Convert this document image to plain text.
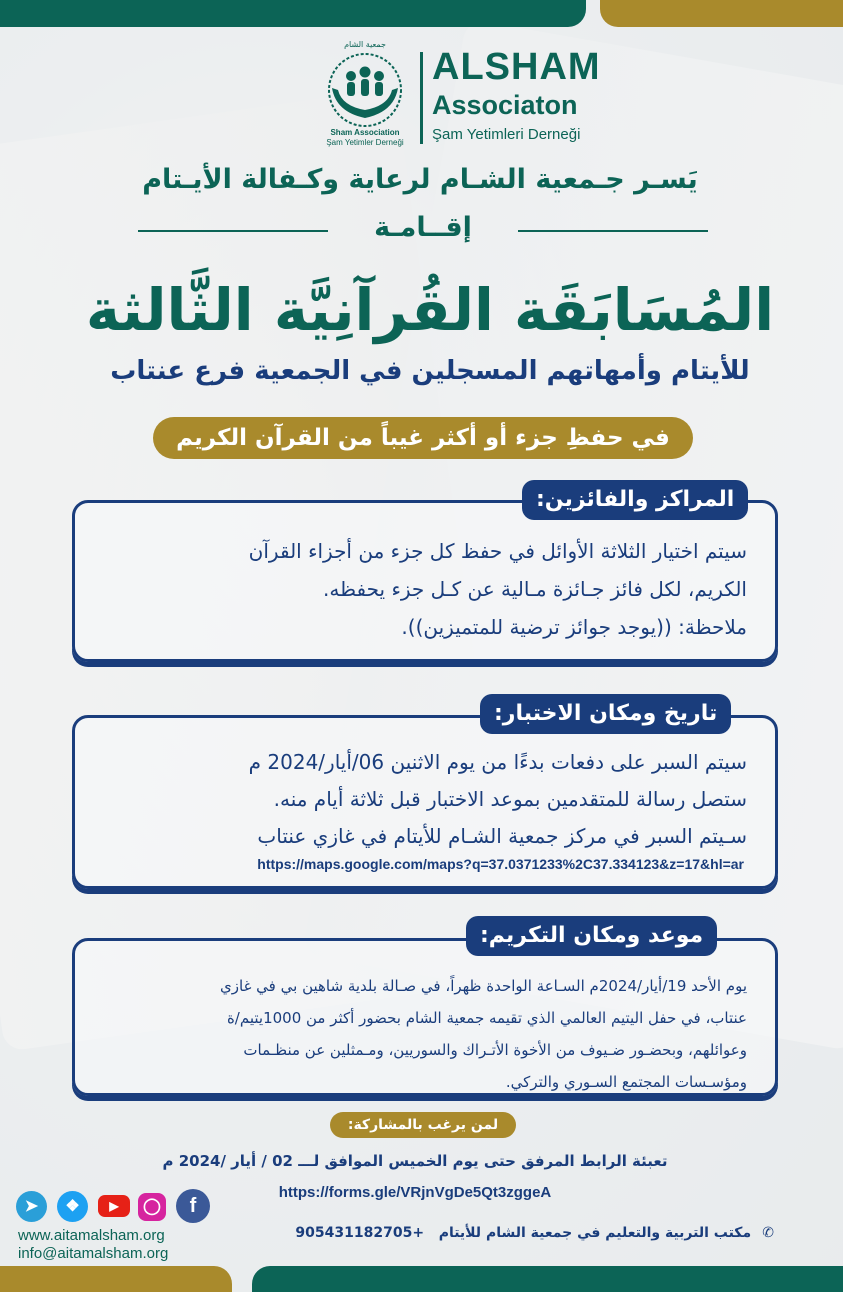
جمعية الشام
Sham Association
Şam Yetimler Derneği
ALSHAM
Associaton
Şam Yetimleri Derneği
يَسـر جـمعية الشـام لرعاية وكـفالة الأيـتام
إقــامـة
المُسَابَقَة القُرآنِيَّة الثَّالثة
للأيتام وأمهاتهم المسجلين في الجمعية فرع عنتاب
في حفظِ جزء أو أكثر غيباً من القرآن الكريم
المراكز والفائزين:
سيتم اختيار الثلاثة الأوائل في حفظ كل جزء من أجزاء القرآن
الكريم، لكل فائز جـائزة مـالية عن كـل جزء يحفظه.
ملاحظة: ((يوجد جوائز ترضية للمتميزين)).
تاريخ ومكان الاختبار:
سيتم السبر على دفعات بدءًا من يوم الاثنين 06/أيار/2024 م
ستصل رسالة للمتقدمين بموعد الاختبار قبل ثلاثة أيام منه.
سـيتم السبر في مركز جمعية الشـام للأيتام في غازي عنتاب
https://maps.google.com/maps?q=37.0371233%2C37.334123&z=17&hl=ar
موعد ومكان التكريم:
يوم الأحد 19/أيار/2024م السـاعة الواحدة ظهراً، في صـالة بلدية شاهين بي في غازي
عنتاب، في حفل اليتيم العالمي الذي تقيمه جمعية الشام بحضور أكثر من 1000يتيم/ة
وعوائلهم، وبحضـور ضـيوف من الأخوة الأتـراك والسوريين، ومـمثلين عن منظـمات
ومؤسـسات المجتمع السـوري والتركي.
لمن يرغب بالمشاركة:
تعبئة الرابط المرفق حتى يوم الخميس الموافق لـــ 02 / أيار /2024 م
https://forms.gle/VRjnVgDe5Qt3zggeA
➤	❖	▶	◯	f
www.aitamalsham.org
info@aitamalsham.org
مكتب التربية والتعليم في جمعية الشام للأيتام   +905431182705	✆
